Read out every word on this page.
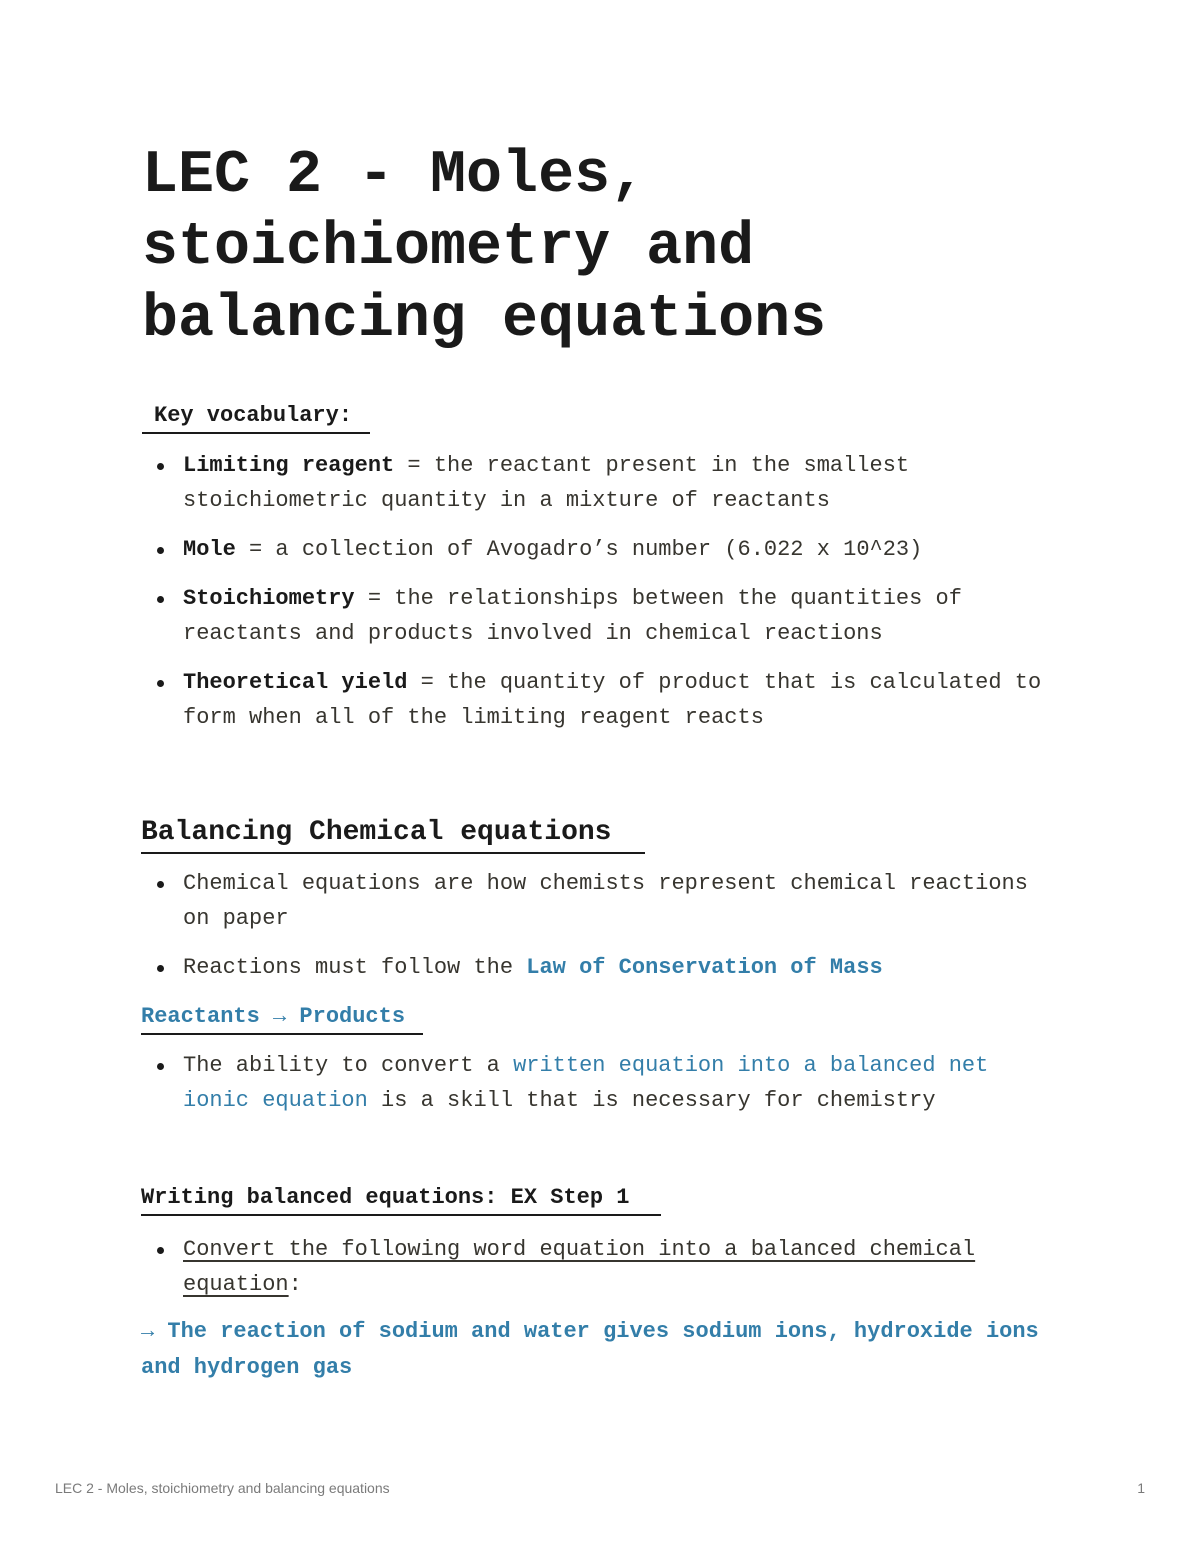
LEC 2 - Moles,
stoichiometry and
balancing equations
Key vocabulary:
Limiting reagent = the reactant present in the smallest stoichiometric quantity in a mixture of reactants
Mole = a collection of Avogadro’s number (6.022 x 10^23)
Stoichiometry = the relationships between the quantities of reactants and products involved in chemical reactions
Theoretical yield = the quantity of product that is calculated to form when all of the limiting reagent reacts
Balancing Chemical equations
Chemical equations are how chemists represent chemical reactions on paper
Reactions must follow the Law of Conservation of Mass
Reactants → Products
The ability to convert a written equation into a balanced net ionic equation is a skill that is necessary for chemistry
Writing balanced equations: EX Step 1
Convert the following word equation into a balanced chemical equation:

→ The reaction of sodium and water gives sodium ions, hydroxide ions and hydrogen gas

LEC 2 - Moles, stoichiometry and balancing equations	1
